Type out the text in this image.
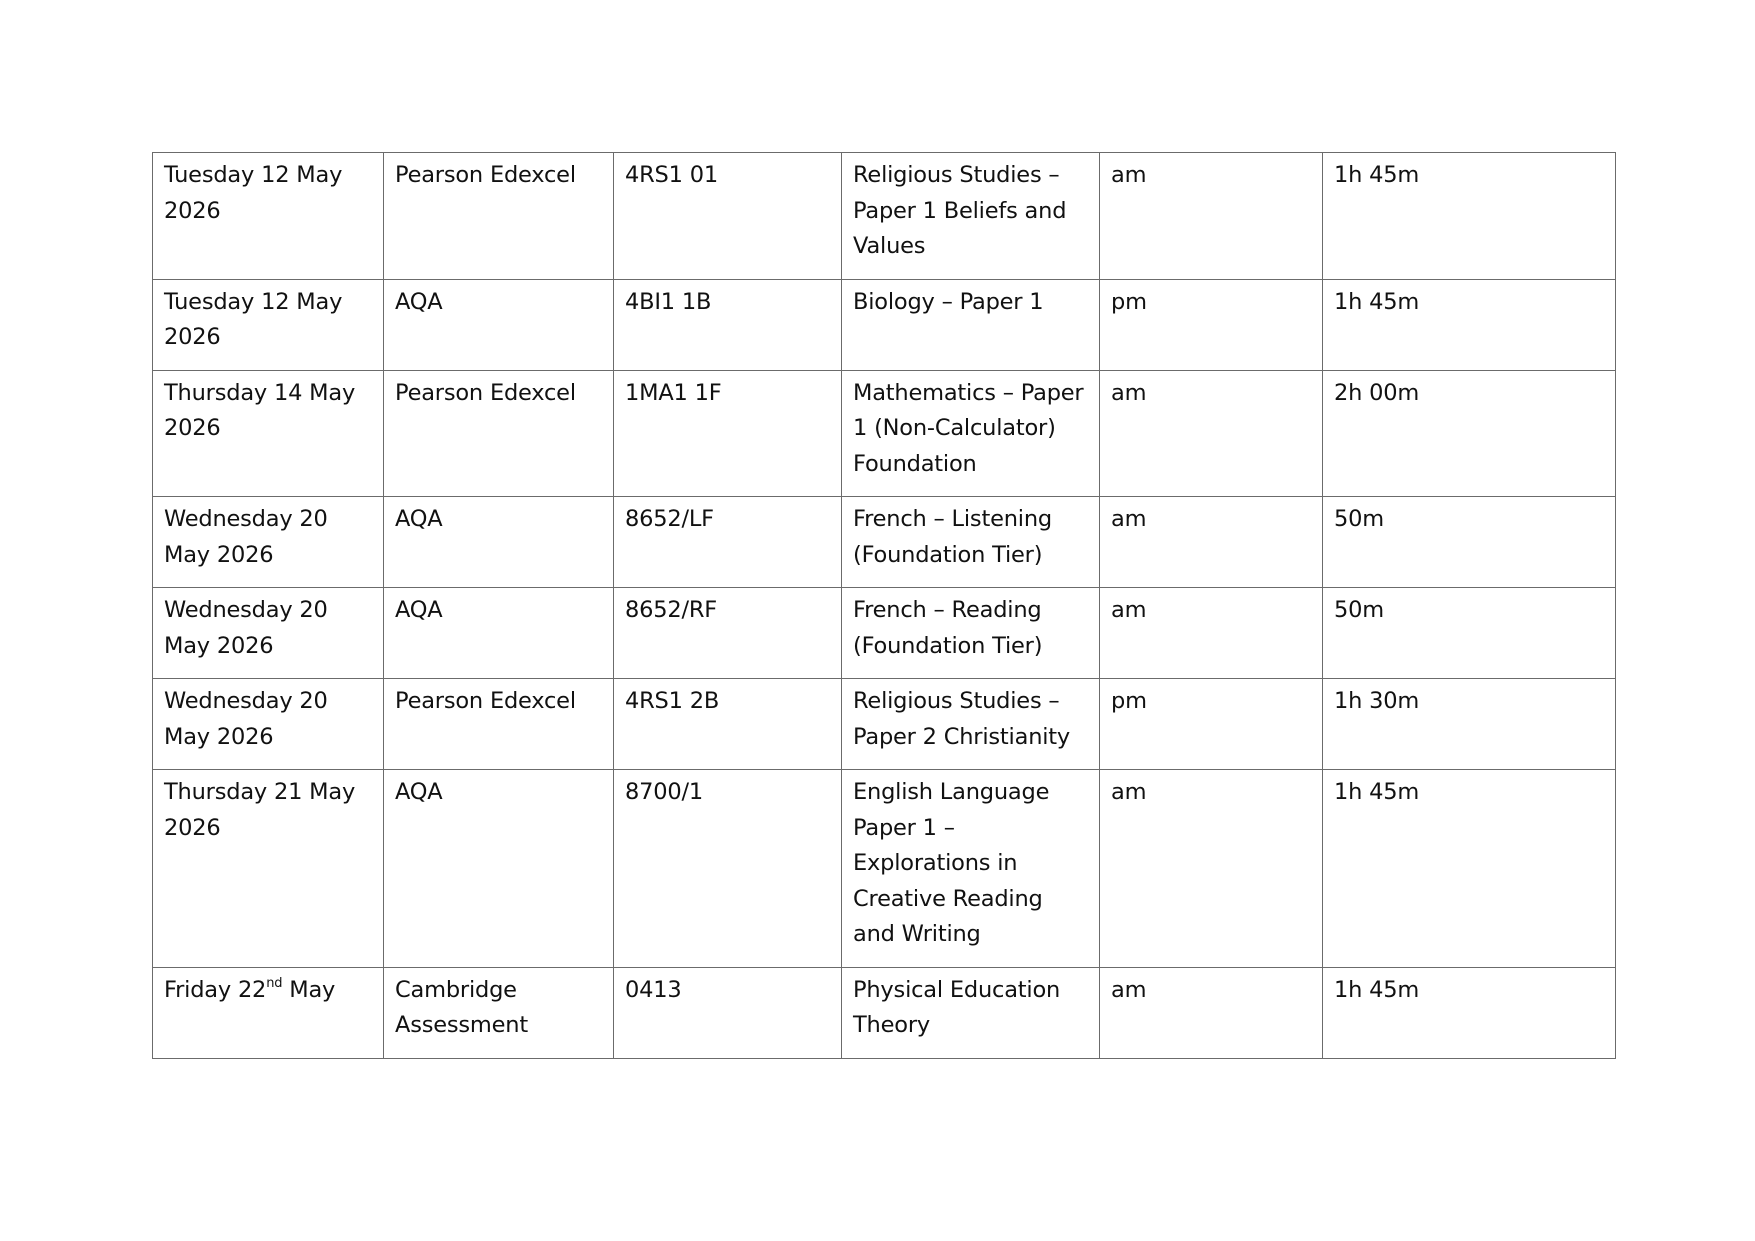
Tuesday 12 May 2026	Pearson Edexcel	4RS1 01	Religious Studies – Paper 1 Beliefs and Values	am	1h 45m
Tuesday 12 May 2026	AQA	4BI1 1B	Biology – Paper 1	pm	1h 45m
Thursday 14 May 2026	Pearson Edexcel	1MA1 1F	Mathematics – Paper 1 (Non-Calculator) Foundation	am	2h 00m
Wednesday 20 May 2026	AQA	8652/LF	French – Listening (Foundation Tier)	am	50m
Wednesday 20 May 2026	AQA	8652/RF	French – Reading (Foundation Tier)	am	50m
Wednesday 20 May 2026	Pearson Edexcel	4RS1 2B	Religious Studies – Paper 2 Christianity	pm	1h 30m
Thursday 21 May 2026	AQA	8700/1	English Language Paper 1 – Explorations in Creative Reading and Writing	am	1h 45m
Friday 22nd May	Cambridge Assessment	0413	Physical Education Theory	am	1h 45m
